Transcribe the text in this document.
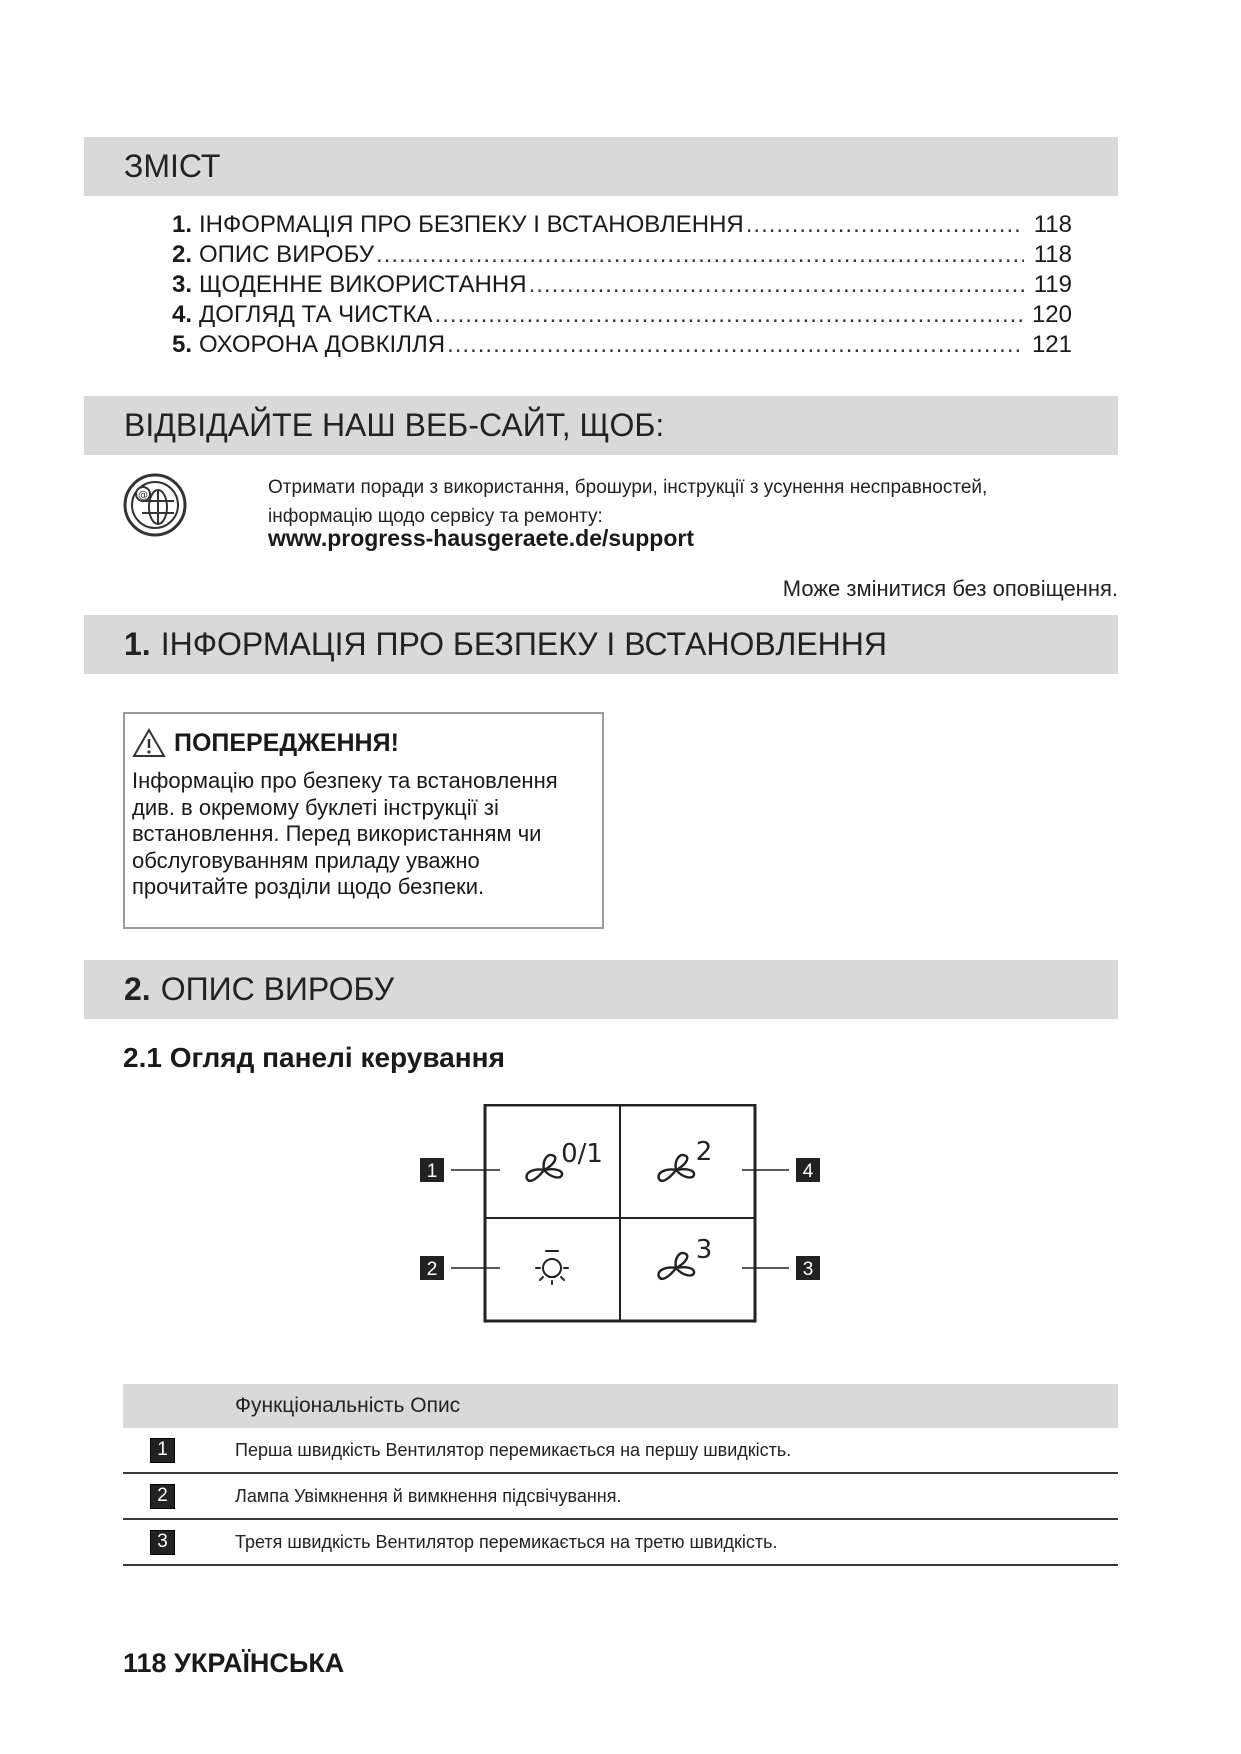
ЗМІСТ
1. ІНФОРМАЦІЯ ПРО БЕЗПЕКУ І ВСТАНОВЛЕННЯ .....	118
2. ОПИС ВИРОБУ .....	118
3. ЩОДЕННЕ ВИКОРИСТАННЯ .....	119
4. ДОГЛЯД ТА ЧИСТКА .....	120
5. ОХОРОНА ДОВКІЛЛЯ .....	121
ВІДВІДАЙТЕ НАШ ВЕБ-САЙТ, ЩОБ:
@	Отримати поради з використання, брошури, інструкції з усунення несправностей, інформацію щодо сервісу та ремонту:
www.progress-hausgeraete.de/support
Може змінитися без оповіщення.
1. ІНФОРМАЦІЯ ПРО БЕЗПЕКУ І ВСТАНОВЛЕННЯ
ПОПЕРЕДЖЕННЯ!
Інформацію про безпеку та встановлення див. в окремому буклеті інструкції зі встановлення. Перед використанням чи обслуговуванням приладу уважно прочитайте розділи щодо безпеки.
2. ОПИС ВИРОБУ
2.1 Огляд панелі керування
1
2	3
4
0/1	2
3
Функціональність Опис
1	Перша швидкість Вентилятор перемикається на першу швидкість.
2	Лампа Увімкнення й вимкнення підсвічування.
3	Третя швидкість Вентилятор перемикається на третю швидкість.
118 УКРАЇНСЬКА
